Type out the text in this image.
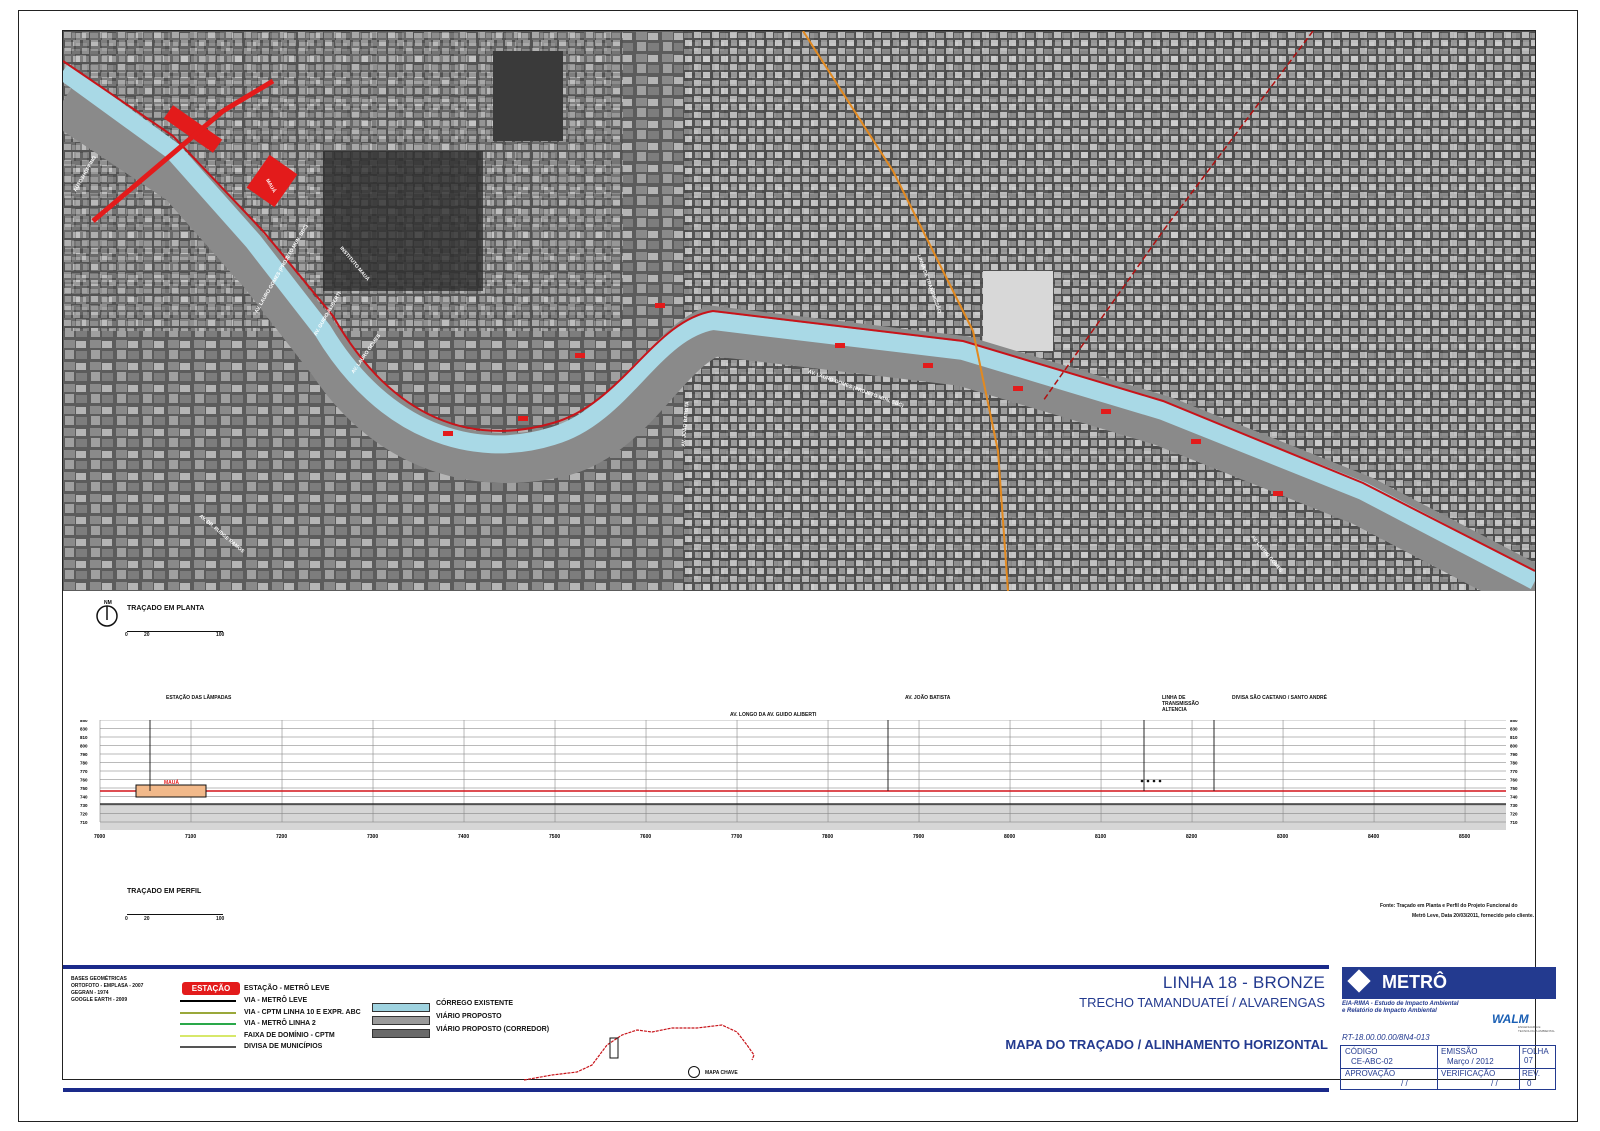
AV. LAURO GOMES (PROJETO MUN. SBC)
AV. LAURO GOMES
AV. GUIDO ALIBERTI
AV. DR. RUDGE RAMOS
AV. JOÃO BATISTA
INSTITUTO MAUÁ	LINHA DE TRANSMISSÃO
AV. LAURO GOMES
AUTOSHOPPING
AV. LAURO GOMES (PROJETO MUN. SBC)
MAUÁ
NM
TRAÇADO EM PLANTA
0	20	100
850	850
830	830
810	810
800	800
790	790
780	780
770	770
760	760
750	750
740	740
730	730
720	720
710	710
7000	7100	7200	7300	7400	7500	7600	7700	7800	7900	8000	8100	8200	8300	8400	8500
ESTAÇÃO DAS LÂMPADAS
AV. LONGO DA AV. GUIDO ALIBERTI
AV. JOÃO BATISTA	LINHA DE TRANSMISSÃO ALTENCIA
DIVISA SÃO CAETANO / SANTO ANDRÉ
MAUÁ
TRAÇADO EM PERFIL
0	20	100
Fonte: Traçado em Planta e Perfil do Projeto Funcional do
Metrô Leve, Data 20/03/2011, fornecido pelo cliente.
BASES GEOMÉTRICAS
ORTOFOTO - EMPLASA - 2007
GEGRAN - 1974
GOOGLE EARTH - 2009
ESTAÇÃO
VIA - METRÔ LEVE
VIA - CPTM LINHA 10 E EXPR. ABC
VIA - METRÔ LINHA 2
FAIXA DE DOMÍNIO - CPTM
DIVISA DE MUNICÍPIOS
ESTAÇÃO - METRÔ LEVE
CÓRREGO EXISTENTE
VIÁRIO PROPOSTO
VIÁRIO PROPOSTO (CORREDOR)
MAPA CHAVE
LINHA 18 - BRONZE
TRECHO TAMANDUATEÍ / ALVARENGAS
MAPA DO TRAÇADO / ALINHAMENTO HORIZONTAL
METRÔ
EIA-RIMA - Estudo de Impacto Ambiental
e Relatório de Impacto Ambiental
WALM
ENGENHARIA E TECNOLOGIA AMBIENTAL
RT-18.00.00.00/8N4-013
CÓDIGO
CE-ABC-02
EMISSÃO
Março / 2012
FOLHA
07
APROVAÇÃO
/ /
VERIFICAÇÃO
/ /
REV.
0
